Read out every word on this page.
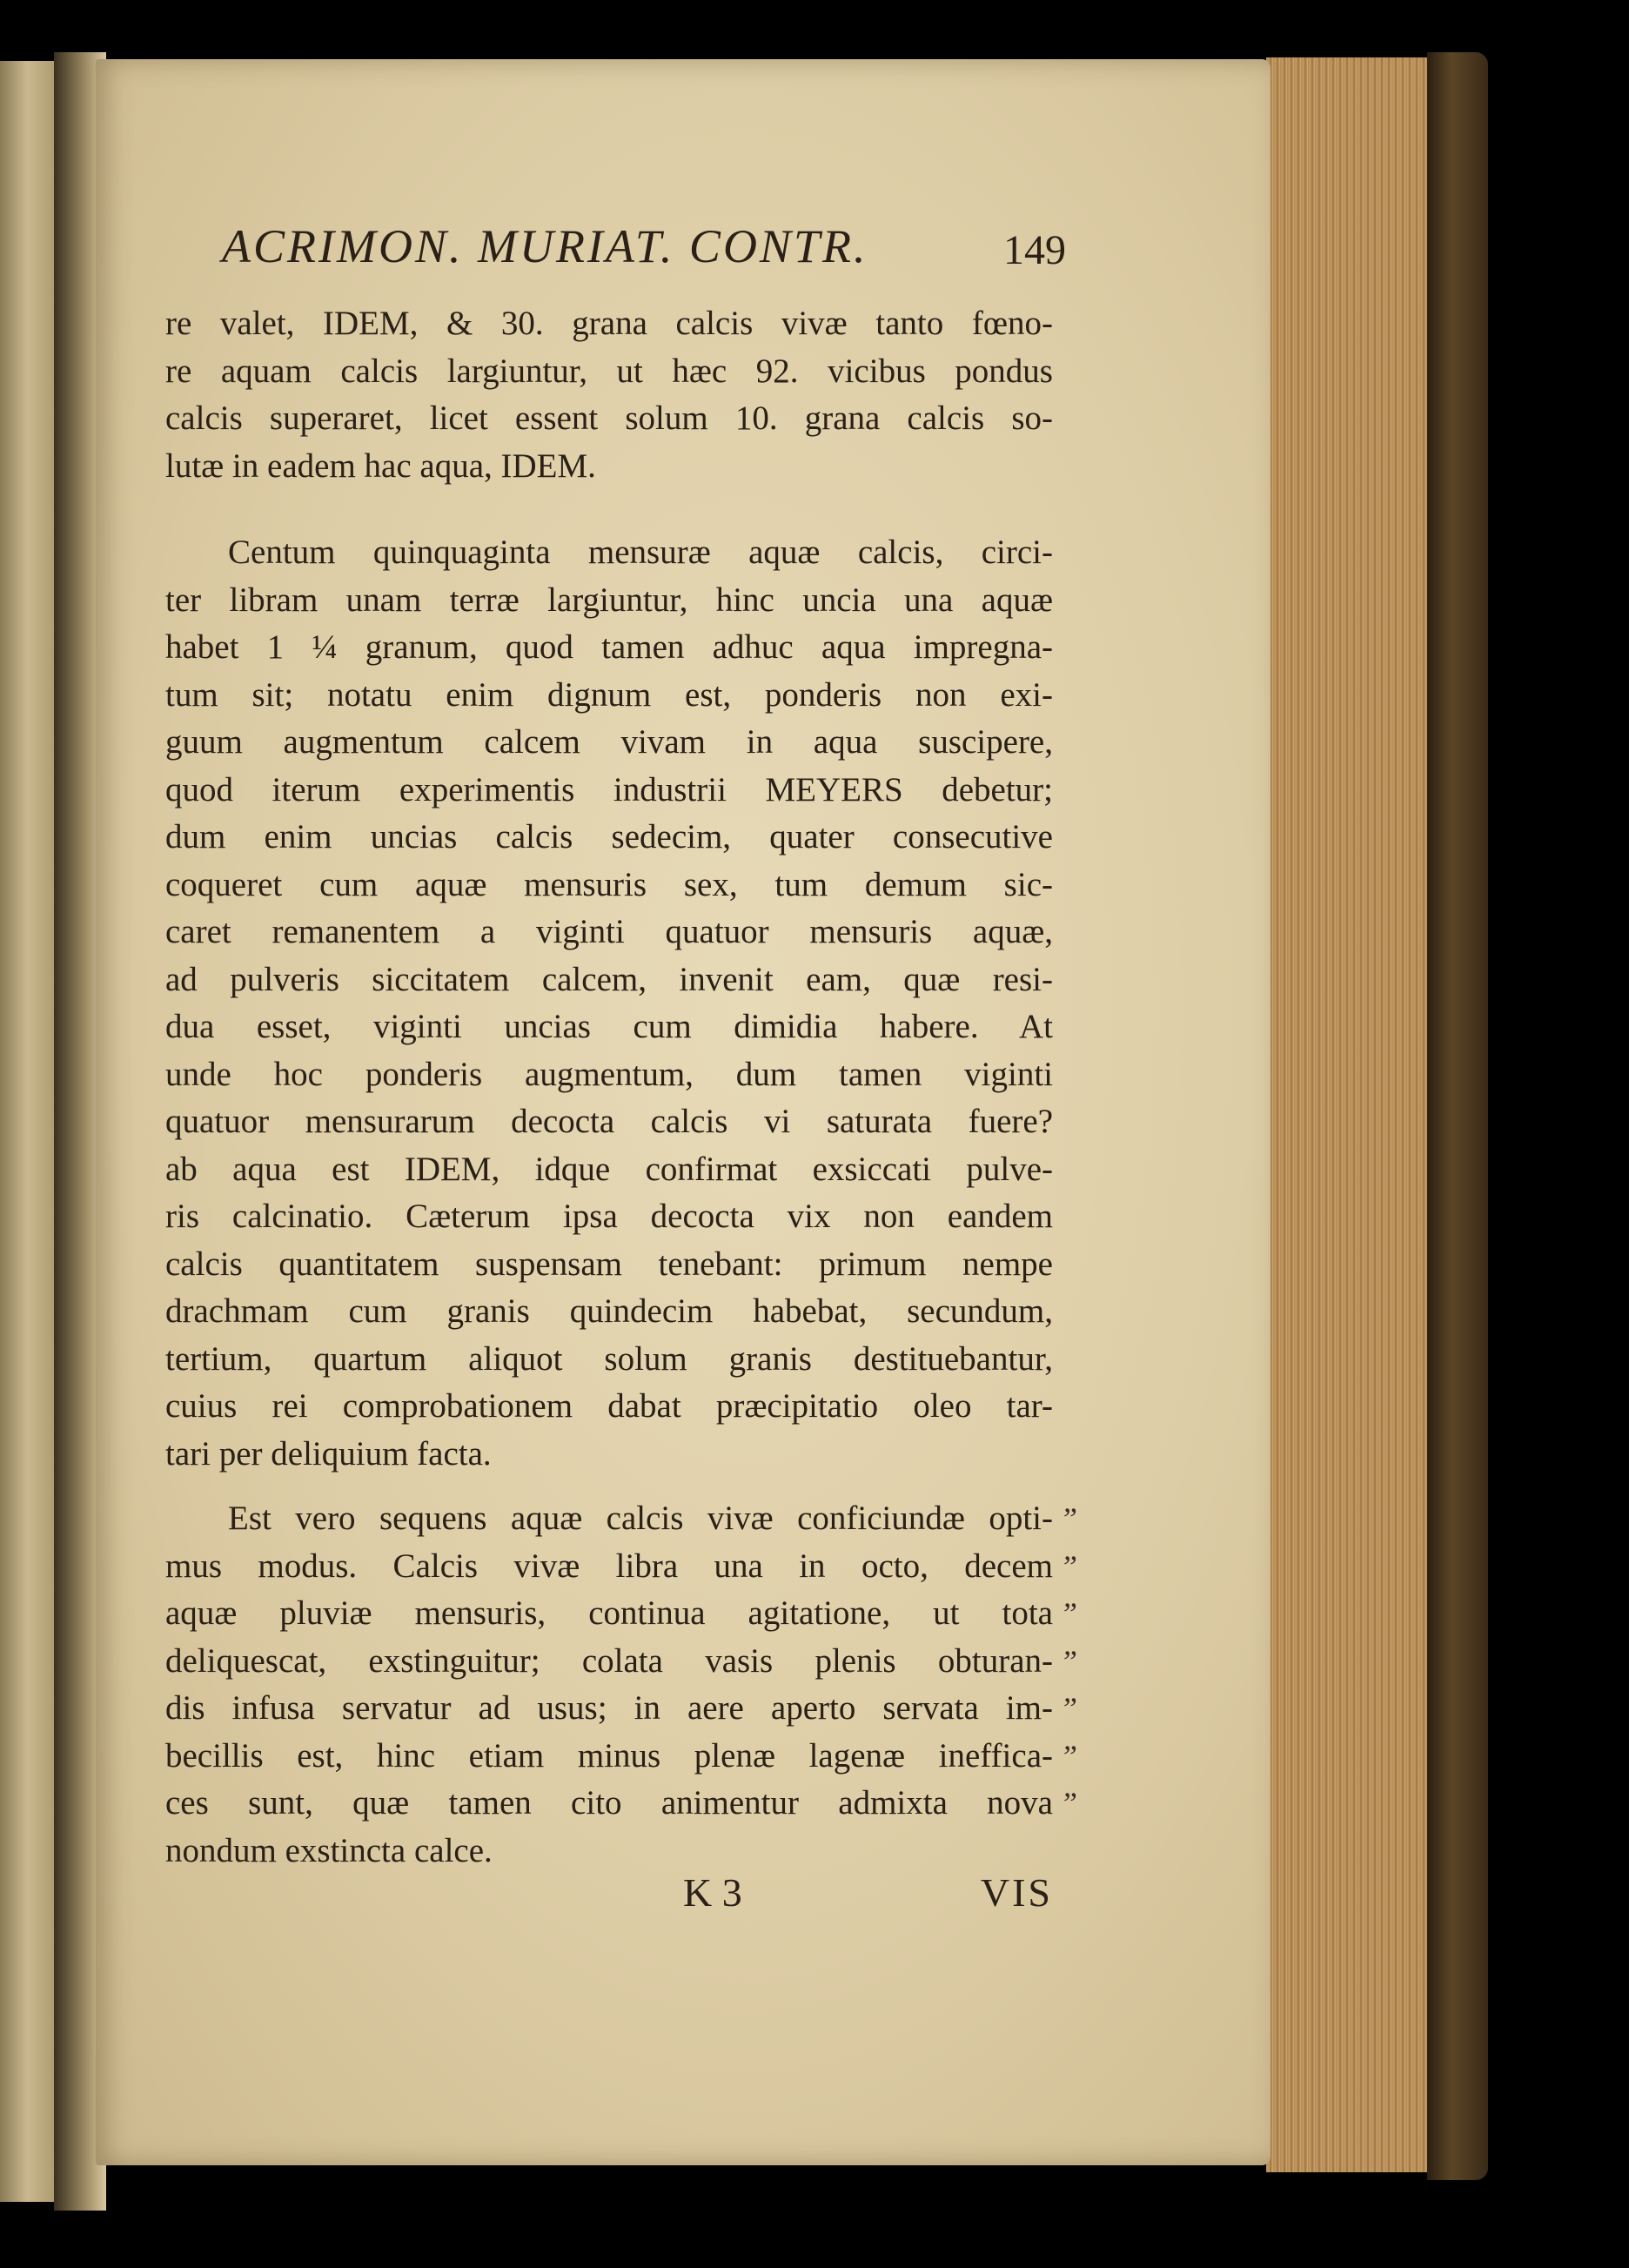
ACRIMON. MURIAT. CONTR.	149
re valet, IDEM, & 30. grana calcis vivæ tanto fœno-
re aquam calcis largiuntur, ut hæc 92. vicibus pondus
calcis superaret, licet essent solum 10. grana calcis so-
lutæ in eadem hac aqua, IDEM.
Centum quinquaginta mensuræ aquæ calcis, circi-
ter libram unam terræ largiuntur, hinc uncia una aquæ
habet 1 ¼ granum, quod tamen adhuc aqua impregna-
tum sit; notatu enim dignum est, ponderis non exi-
guum augmentum calcem vivam in aqua suscipere,
quod iterum experimentis industrii MEYERS debetur;
dum enim uncias calcis sedecim, quater consecutive
coqueret cum aquæ mensuris sex, tum demum sic-
caret remanentem a viginti quatuor mensuris aquæ,
ad pulveris siccitatem calcem, invenit eam, quæ resi-
dua esset, viginti uncias cum dimidia habere. At
unde hoc ponderis augmentum, dum tamen viginti
quatuor mensurarum decocta calcis vi saturata fuere?
ab aqua est IDEM, idque confirmat exsiccati pulve-
ris calcinatio. Cæterum ipsa decocta vix non eandem
calcis quantitatem suspensam tenebant: primum nempe
drachmam cum granis quindecim habebat, secundum,
tertium, quartum aliquot solum granis destituebantur,
cuius rei comprobationem dabat præcipitatio oleo tar-
tari per deliquium facta.
Est vero sequens aquæ calcis vivæ conficiundæ opti-
mus modus. Calcis vivæ libra una in octo, decem
aquæ pluviæ mensuris, continua agitatione, ut tota
deliquescat, exstinguitur; colata vasis plenis obturan-
dis infusa servatur ad usus; in aere aperto servata im-
becillis est, hinc etiam minus plenæ lagenæ inefficа-
ces sunt, quæ tamen cito animentur admixta nova
nondum exstincta calce.
”
”
”
”
”
”
”
K 3	VIS
